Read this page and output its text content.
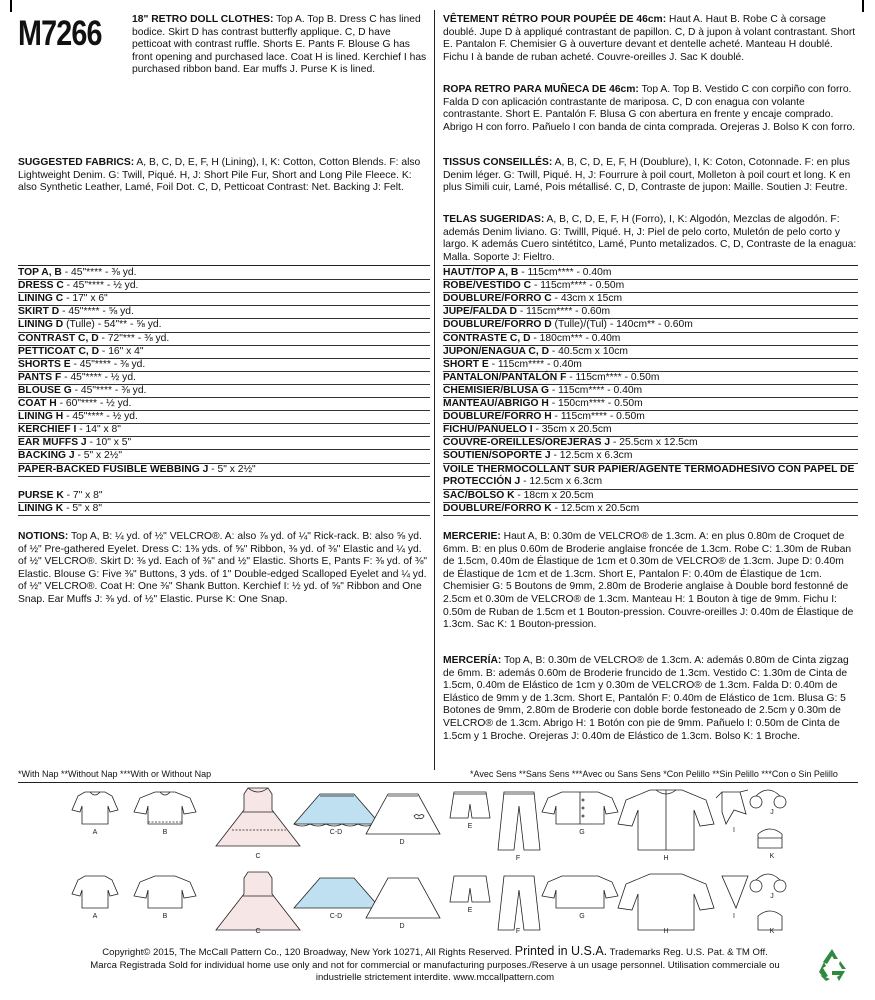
M7266	18" RETRO DOLL CLOTHES: Top A. Top B. Dress C has lined bodice. Skirt D has contrast butterfly applique. C, D have petticoat with contrast ruffle. Shorts E. Pants F. Blouse G has front opening and purchased lace. Coat H is lined. Kerchief I has purchased ribbon band. Ear muffs J. Purse K is lined.
VÊTEMENT RÉTRO POUR POUPÉE DE 46cm: Haut A. Haut B. Robe C à corsage doublé. Jupe D à appliqué contrastant de papillon. C, D à jupon à volant contrastant. Short E. Pantalon F. Chemisier G à ouverture devant et dentelle acheté. Manteau H doublé. Fichu I à bande de ruban acheté. Couvre-oreilles J. Sac K doublé.
ROPA RETRO PARA MUÑECA DE 46cm: Top A. Top B. Vestido C con corpiño con forro. Falda D con aplicación contrastante de mariposa. C, D con enagua con volante contrastante. Short E. Pantalón F. Blusa G con abertura en frente y encaje comprado. Abrigo H con forro. Pañuelo I con banda de cinta comprada. Orejeras J. Bolso K con forro.
SUGGESTED FABRICS: A, B, C, D, E, F, H (Lining), I, K: Cotton, Cotton Blends. F: also Lightweight Denim. G: Twill, Piqué. H, J: Short Pile Fur, Short and Long Pile Fleece. K: also Synthetic Leather, Lamé, Foil Dot. C, D, Petticoat Contrast: Net. Backing J: Felt.
TISSUS CONSEILLÉS: A, B, C, D, E, F, H (Doublure), I, K: Coton, Cotonnade. F: en plus Denim léger. G: Twill, Piqué. H, J: Fourrure à poil court, Molleton à poil court et long. K en plus Simili cuir, Lamé, Pois métallisé. C, D, Contraste de jupon: Maille. Soutien J: Feutre.
TELAS SUGERIDAS: A, B, C, D, E, F, H (Forro), I, K: Algodón, Mezclas de algodón. F: además Denim liviano. G: Twilll, Piqué. H, J: Piel de pelo corto, Muletón de pelo corto y largo. K además Cuero sintétitco, Lamé, Punto metalizados. C, D, Contraste de la enagua: Malla. Soporte J: Fieltro.
TOP A, B - 45"**** - ⅜ yd.
DRESS C - 45"**** - ½ yd.
LINING C - 17" x 6"
SKIRT D - 45"**** - ⅝ yd.
LINING D (Tulle) - 54"** - ⅝ yd.
CONTRAST C, D - 72"*** - ⅜ yd.
PETTICOAT C, D - 16" x 4"
SHORTS E - 45"**** - ⅜ yd.
PANTS F - 45"**** - ½ yd.
BLOUSE G - 45"**** - ⅜ yd.
COAT H - 60"**** - ½ yd.
LINING H - 45"**** - ½ yd.
KERCHIEF I - 14" x 8"
EAR MUFFS J - 10" x 5"
BACKING J - 5" x 2½"
PAPER-BACKED FUSIBLE WEBBING J - 5" x 2½"
PURSE K - 7" x 8"
LINING K - 5" x 8"
HAUT/TOP A, B - 115cm**** - 0.40m
ROBE/VESTIDO C - 115cm**** - 0.50m
DOUBLURE/FORRO C - 43cm x 15cm
JUPE/FALDA D - 115cm**** - 0.60m
DOUBLURE/FORRO D (Tulle)/(Tul) - 140cm** - 0.60m
CONTRASTE C, D - 180cm*** - 0.40m
JUPON/ENAGUA C, D - 40.5cm x 10cm
SHORT E - 115cm**** - 0.40m
PANTALON/PANTALÓN F - 115cm**** - 0.50m
CHEMISIER/BLUSA G - 115cm**** - 0.40m
MANTEAU/ABRIGO H - 150cm**** - 0.50m
DOUBLURE/FORRO H - 115cm**** - 0.50m
FICHU/PAÑUELO I - 35cm x 20.5cm
COUVRE-OREILLES/OREJERAS J - 25.5cm x 12.5cm
SOUTIEN/SOPORTE J - 12.5cm x 6.3cm
VOILE THERMOCOLLANT SUR PAPIER/AGENTE TERMOADHESIVO CON PAPEL DE PROTECCIÓN J - 12.5cm x 6.3cm
SAC/BOLSO K - 18cm x 20.5cm
DOUBLURE/FORRO K - 12.5cm x 20.5cm
NOTIONS: Top A, B: ¼ yd. of ½" VELCRO®. A: also ⅞ yd. of ¼" Rick-rack. B: also ⅝ yd. of ½" Pre-gathered Eyelet. Dress C: 1⅜ yds. of ⅝" Ribbon, ⅜ yd. of ⅜" Elastic and ¼ yd. of ½" VELCRO®. Skirt D: ⅜ yd. Each of ⅜" and ½" Elastic. Shorts E, Pants F: ⅜ yd. of ⅜" Elastic. Blouse G: Five ⅜" Buttons, 3 yds. of 1" Double-edged Scalloped Eyelet and ¼ yd. of ½" VELCRO®. Coat H: One ⅜" Shank Button. Kerchief I: ½ yd. of ⅝" Ribbon and One Snap. Ear Muffs J: ⅜ yd. of ½" Elastic. Purse K: One Snap.
MERCERIE: Haut A, B: 0.30m de VELCRO® de 1.3cm. A: en plus 0.80m de Croquet de 6mm. B: en plus 0.60m de Broderie anglaise froncée de 1.3cm. Robe C: 1.30m de Ruban de 1.5cm, 0.40m de Élastique de 1cm et 0.30m de VELCRO® de 1.3cm. Jupe D: 0.40m de Élastique de 1cm et de 1.3cm. Short E, Pantalon F: 0.40m de Élastique de 1cm. Chemisier G: 5 Boutons de 9mm, 2.80m de Broderie anglaise à Double bord festonné de 2.5cm et 0.30m de VELCRO® de 1.3cm. Manteau H: 1 Bouton à tige de 9mm. Fichu I: 0.50m de Ruban de 1.5cm et 1 Bouton-pression. Couvre-oreilles J: 0.40m de Élastique de 1.3cm. Sac K: 1 Bouton-pression.
MERCERÍA: Top A, B: 0.30m de VELCRO® de 1.3cm. A: además 0.80m de Cinta zigzag de 6mm. B: además 0.60m de Broderie fruncido de 1.3cm. Vestido C: 1.30m de Cinta de 1.5cm, 0.40m de Elástico de 1cm y 0.30m de VELCRO® de 1.3cm. Falda D: 0.40m de Elástico de 9mm y de 1.3cm. Short E, Pantalón F: 0.40m de Elástico de 1cm. Blusa G: 5 Botones de 9mm, 2.80m de Broderie con doble borde festoneado de 2.5cm y 0.30m de VELCRO® de 1.3cm. Abrigo H: 1 Botón con pie de 9mm. Pañuelo I: 0.50m de Cinta de 1.5cm y 1 Broche. Orejeras J: 0.40m de Elástico de 1.3cm. Bolso K: 1 Broche.
*With Nap **Without Nap ***With or Without Nap	*Avec Sens **Sans Sens ***Avec ou Sans Sens *Con Pelillo **Sin Pelillo ***Con o Sin Pelillo
A	B
C
C-D
D
E
F
G
H
I
J
K
A	B
C
C-D
D
E
F
G
H
I
J
K
Copyright© 2015, The McCall Pattern Co., 120 Broadway, New York 10271, All Rights Reserved. Printed in U.S.A. Trademarks Reg. U.S. Pat. & TM Off.
Marca Registrada Sold for individual home use only and not for commercial or manufacturing purposes./Reserve à un usage personnel. Utilisation commerciale ou
industrielle strictement interdite. www.mccallpattern.com
